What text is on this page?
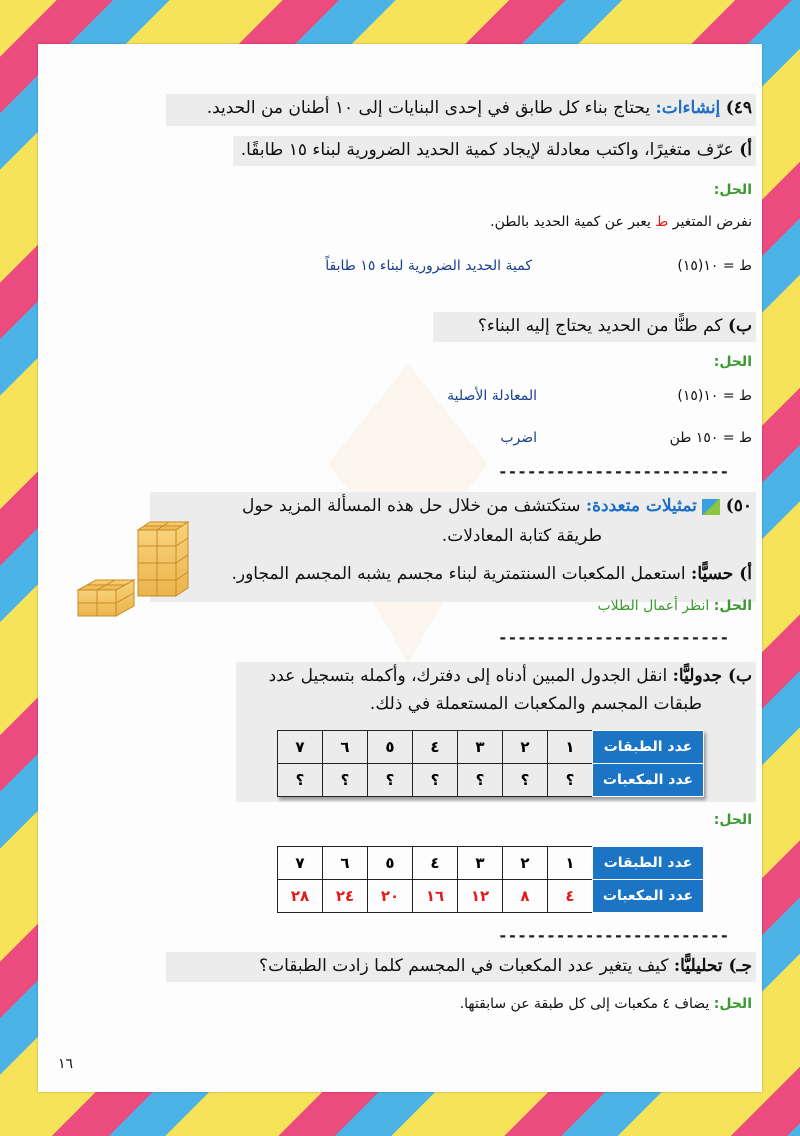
٤٩) إنشاءات: يحتاج بناء كل طابق في إحدى البنايات إلى ١٠ أطنان من الحديد.
أ) عرّف متغيرًا، واكتب معادلة لإيجاد كمية الحديد الضرورية لبناء ١٥ طابقًا.
الحل:
نفرض المتغير ط يعبر عن كمية الحديد بالطن.
ط = ١٠(١٥)
كمية الحديد الضرورية لبناء ١٥ طابقاً
ب) كم طنًّا من الحديد يحتاج إليه البناء؟
الحل:
ط = ١٠(١٥)
المعادلة الأصلية
ط = ١٥٠ طن
اضرب
------------------------
٥٠)  تمثيلات متعددة: ستكتشف من خلال حل هذه المسألة المزيد حول
طريقة كتابة المعادلات.
أ) حسيًّا: استعمل المكعبات السنتمترية لبناء مجسم يشبه المجسم المجاور.
الحل: انظر أعمال الطلاب
------------------------
ب) جدوليًّا: انقل الجدول المبين أدناه إلى دفترك، وأكمله بتسجيل عدد
طبقات المجسم والمكعبات المستعملة في ذلك.
عدد الطبقات	١	٢	٣	٤	٥	٦	٧
عدد المكعبات	؟	؟	؟	؟	؟	؟	؟
الحل:
عدد الطبقات	١	٢	٣	٤	٥	٦	٧
عدد المكعبات	٤	٨	١٢	١٦	٢٠	٢٤	٢٨
------------------------
جـ) تحليليًّا: كيف يتغير عدد المكعبات في المجسم كلما زادت الطبقات؟
الحل: يضاف ٤ مكعبات إلى كل طبقة عن سابقتها.
١٦
